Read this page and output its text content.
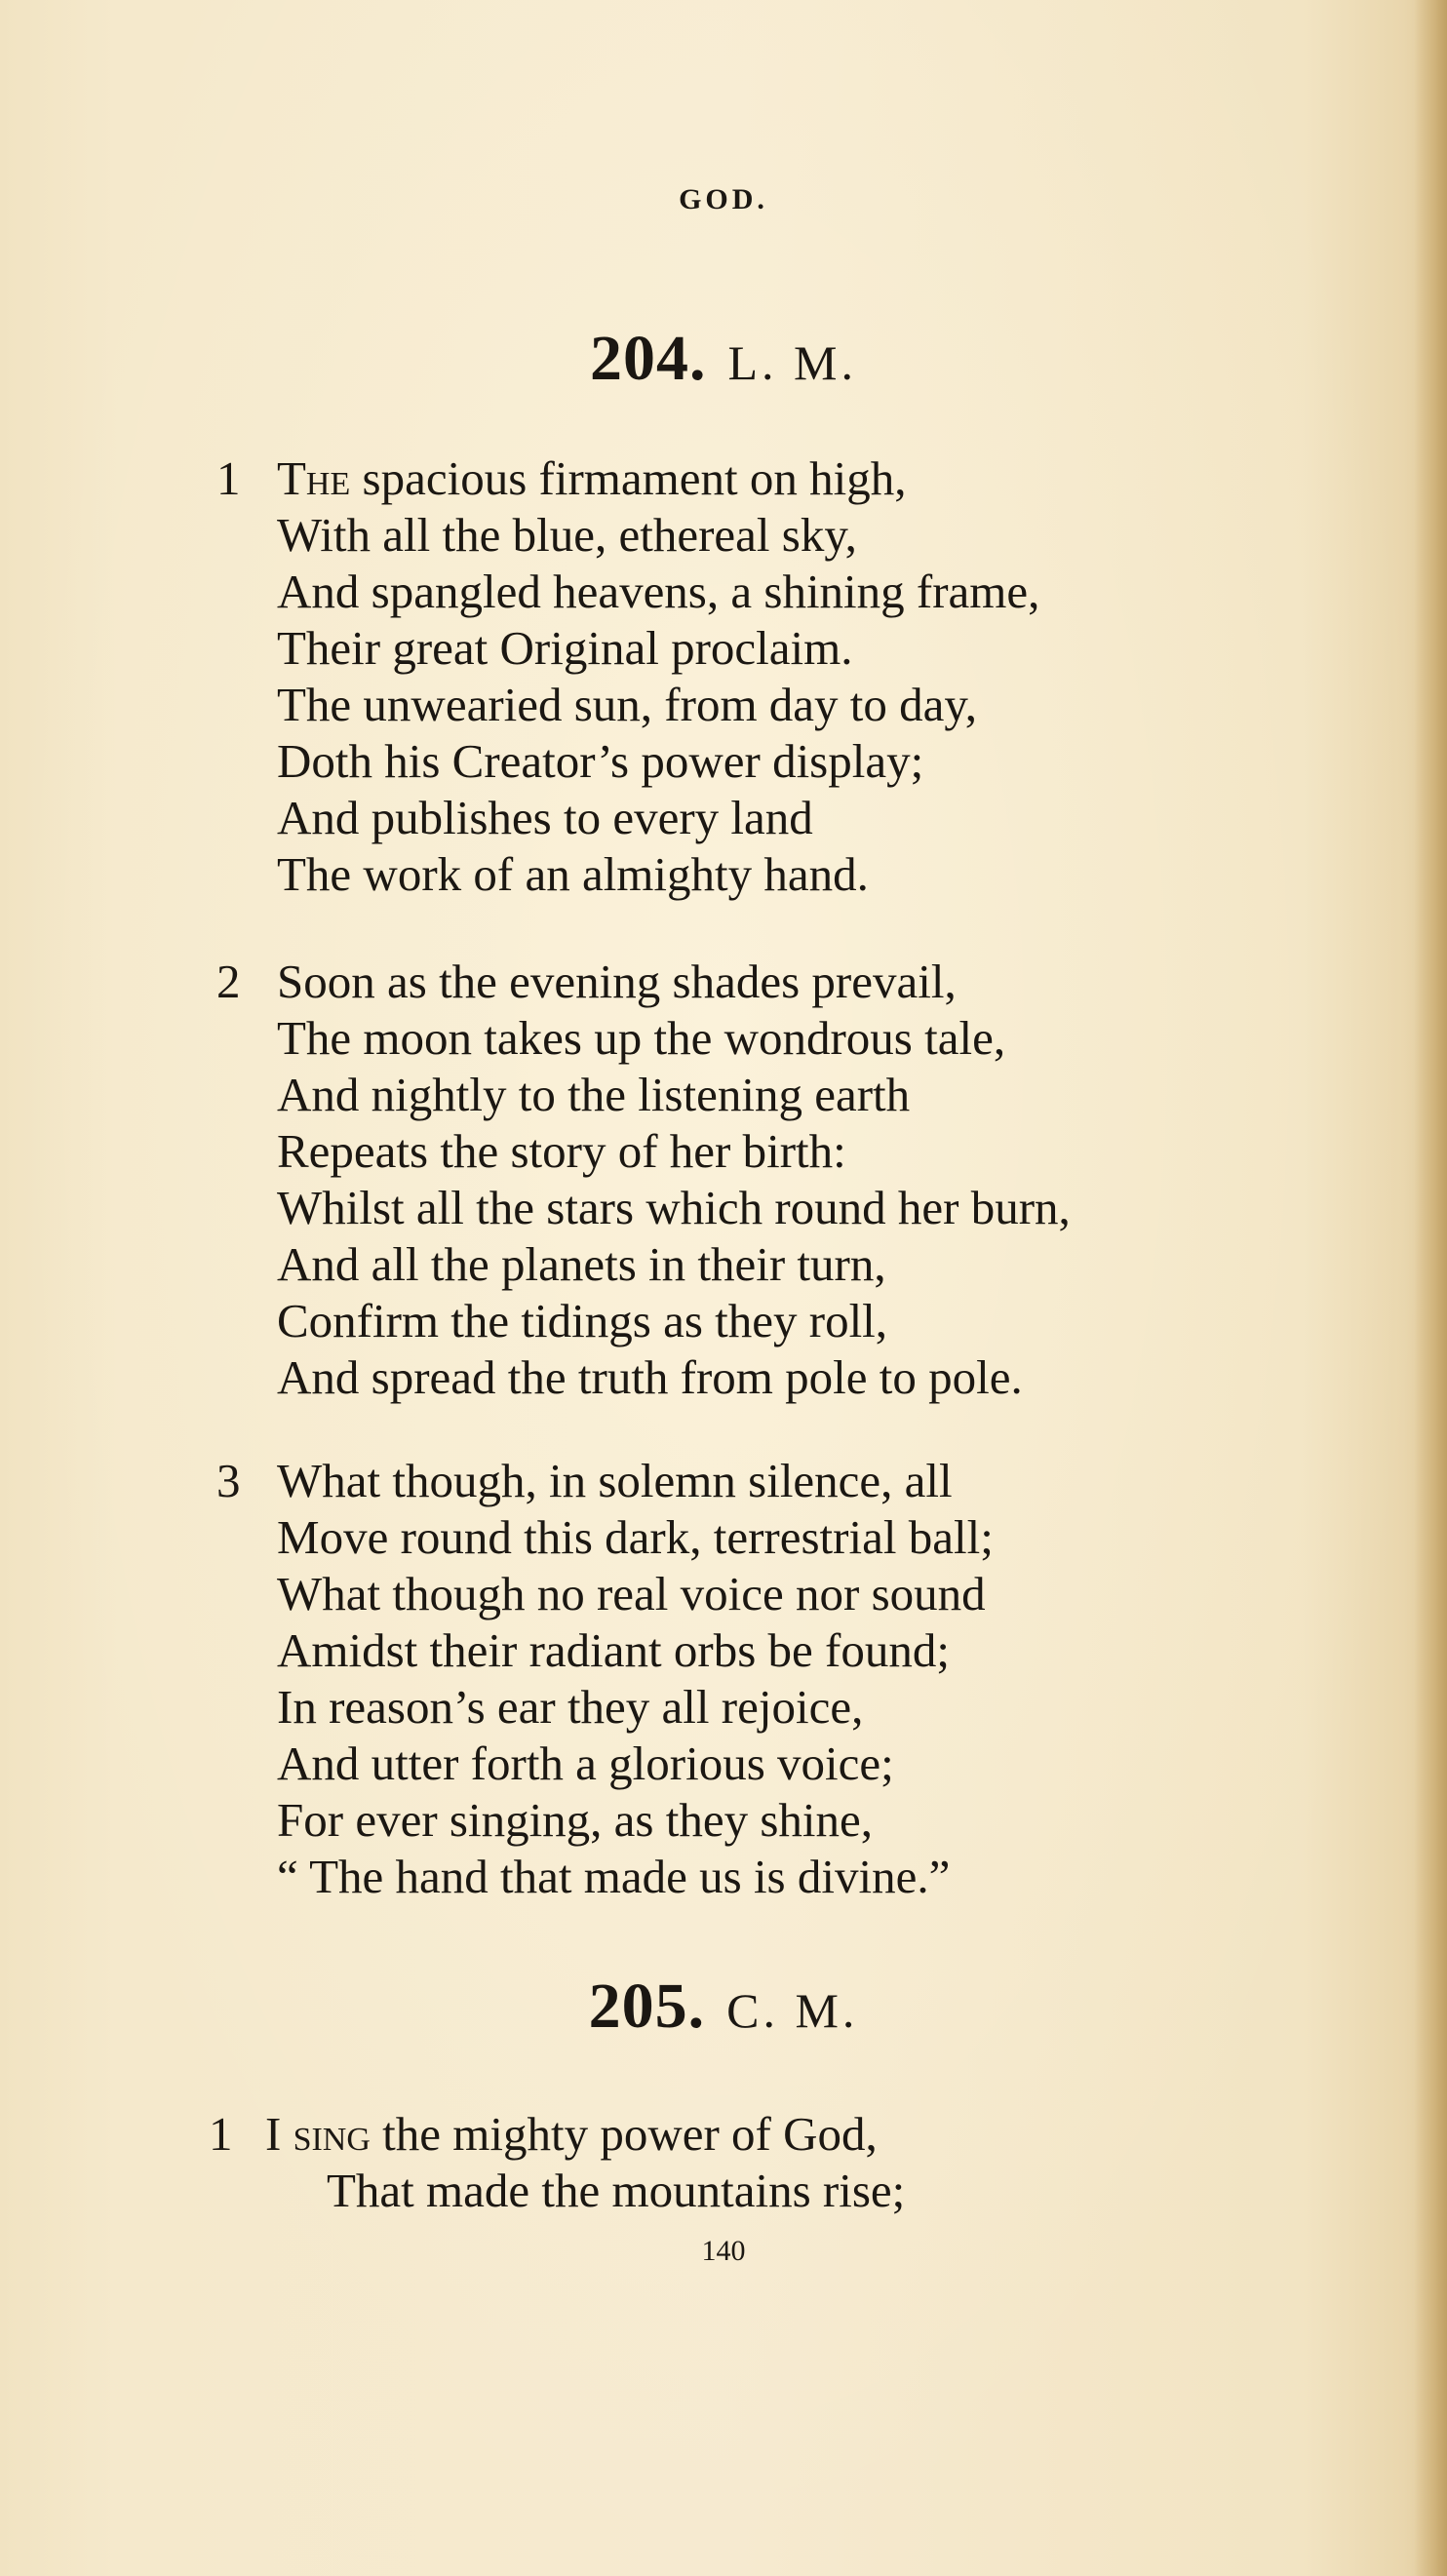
GOD.
204. L. M.
1 The spacious firmament on high,
With all the blue, ethereal sky,
And spangled heavens, a shining frame,
Their great Original proclaim.
The unwearied sun, from day to day,
Doth his Creator’s power display;
And publishes to every land
The work of an almighty hand.
2 Soon as the evening shades prevail,
The moon takes up the wondrous tale,
And nightly to the listening earth
Repeats the story of her birth:
Whilst all the stars which round her burn,
And all the planets in their turn,
Confirm the tidings as they roll,
And spread the truth from pole to pole.
3 What though, in solemn silence, all
Move round this dark, terrestrial ball;
What though no real voice nor sound
Amidst their radiant orbs be found;
In reason’s ear they all rejoice,
And utter forth a glorious voice;
For ever singing, as they shine,
“ The hand that made us is divine.”
205. C. M.
1 I sing the mighty power of God,
That made the mountains rise;
140
